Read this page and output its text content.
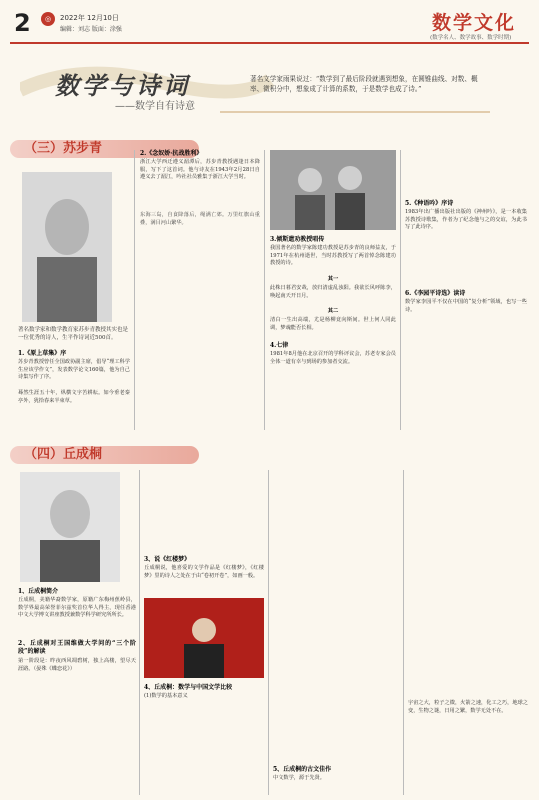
2	◎	2022年 12月10日
编辑：刘志 版面：涂强	数学文化
(数学名人、数学故事、数学时期)
数学与诗词
——数学自有诗意
著名文学家雨果说过：“数学到了最后阶段就遇到想象，在圆锥曲线、对数、概率、微积分中，想象成了计算的系数，于是数学也成了诗。”
（三）苏步青
著名数学家和数学教育家苏步青教授其实也是一位优秀的诗人，生平作诗词近500首。
1.《原上草集》序
苏步青教授曾任全国政协副主席，倡导“理工科学生应该学作文”，发表数学论文160篇，他为自己诗集写作了序。
蓦然生涯五十年，纵横文字苦耕耘。如今垂老秦亭外，犹拾春来半束草。
2.《念奴娇·抗战胜利》
浙江大学西迁遵义湄潭后，苏步青教授遇逢日本降服，写下了这首词。他与诗友在1943年2月28日自遵义去了湄江，吟社社员雅集于浙江大学当时。
东海三岛，自食降落后，绳满亡郊。万里红旗山重叠，满目河山繁华。
3.倾斯遗劝教授唱传
我国著名的数学家陈建功教授是苏步青的良师益友，于1971年在杭州逝世，当时苏教授写了两首悼念陈建功教授的诗。
其一
此株日暮君安哉，放归清虚乱浊阳。我欲长风呼陈李，唤起南天开日月。
其二
清白一生出高端，尤是杨柳竟向斯间。世上何人同此调，梦魂能否长相。
4.七律
1981年8月他在北京召开的学科评议会，苏老专家会员全体一道有幸与到场的参加者交流。
5.《种语吟》序诗
1983年出广播出版社出版的《神州吟》，是一本收集苏教授诗歌集，作者为了纪念他与之的交谊，为此书写了此诗序。
6.《李园平诗选》读诗
数学家李园平不仅在中国的“复分析”领域，也写一些诗。
（四）丘成桐
1、丘成桐简介
丘成桐，美籍华裔数学家，原籍广东梅州蕉岭县，数学界最高荣誉菲尔兹奖首位华人得主，现任香港中文大学博文讲座教授兼数学科学研究所所长。
2、丘成桐对王国维做大学问的“三个阶段”的解读
第一阶段是：昨夜西风凋碧树，独上高楼，望尽天涯路。（晏殊《蝶恋花》）
3、说《红楼梦》
丘成桐说，他喜爱的文学作品是《红楼梦》，《红楼梦》里的诗人之处在于由“卷初开卷”，如画一般。
4、丘成桐：数学与中国文学比较
(1)数学的基本意义
5、丘成桐的古文佳作
中文数学，源于先贤。
宇宙之大，粒子之微，火箭之速，化工之巧，地球之变，生物之谜，日用之繁，数学无处不在。
